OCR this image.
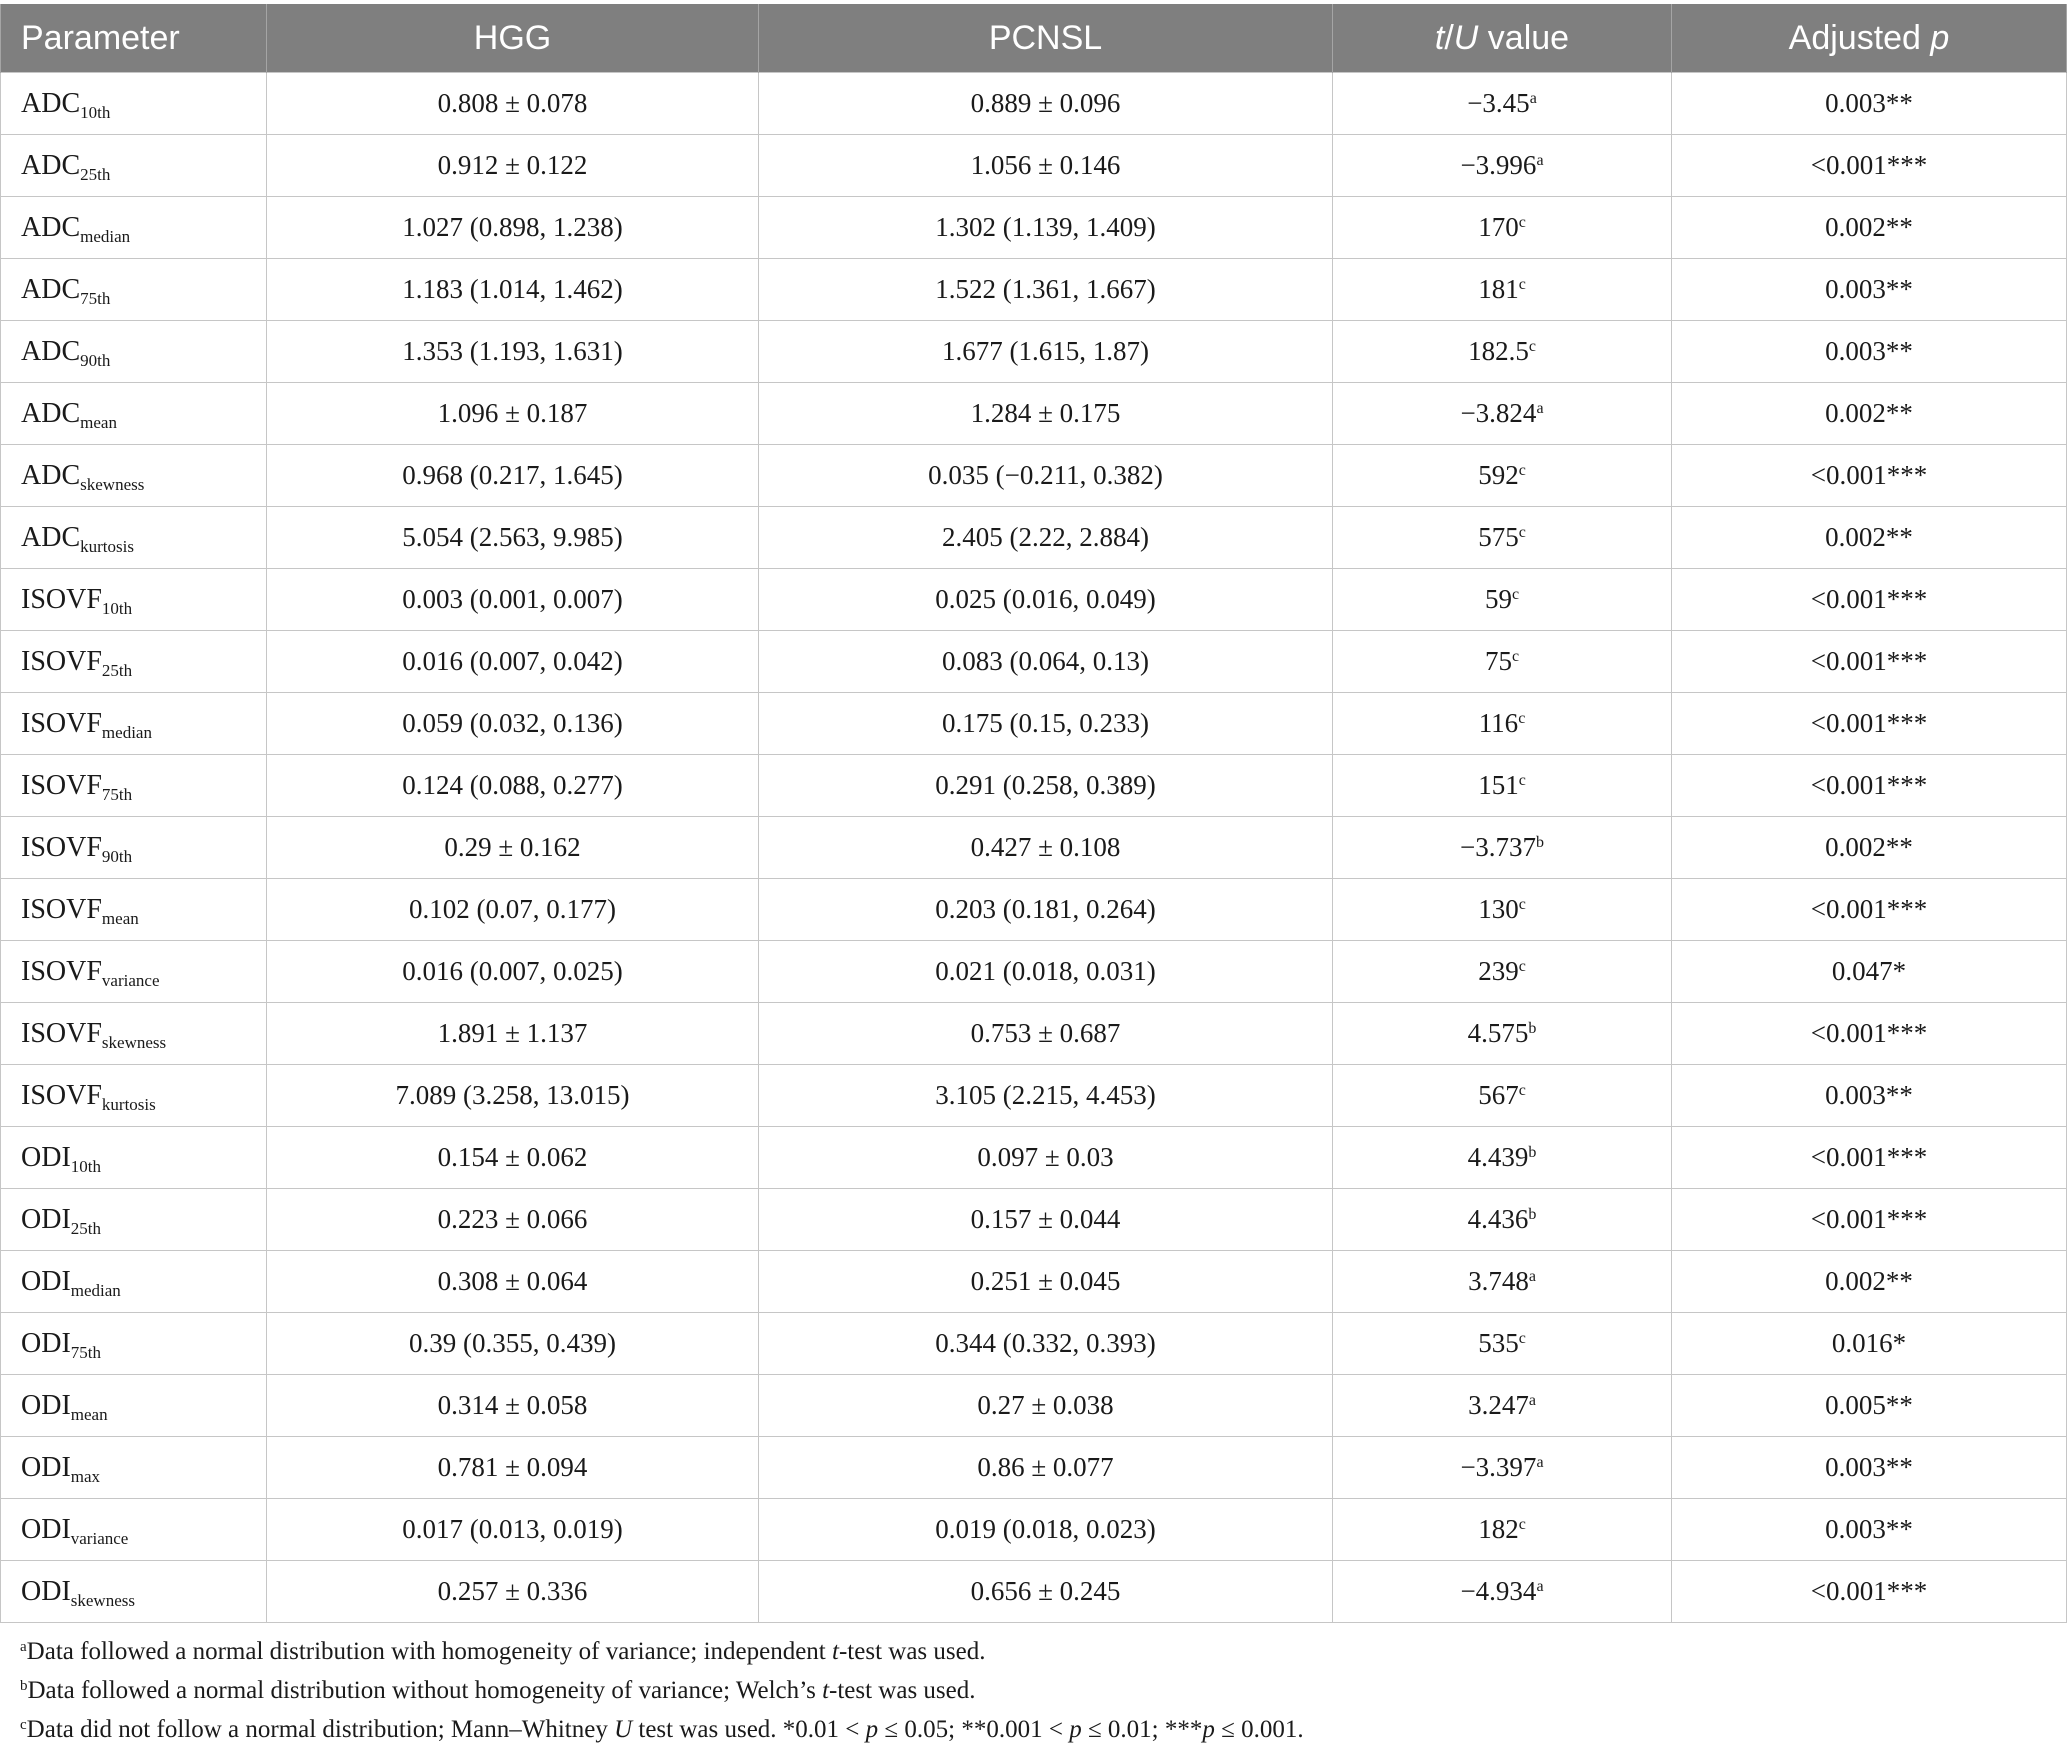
Parameter	HGG	PCNSL	t/U value	Adjusted p
$ADC_{10th}$	0.808 ± 0.078	0.889 ± 0.096	−3.45$^a$	0.003**
$ADC_{25th}$	0.912 ± 0.122	1.056 ± 0.146	−3.996$^a$	<0.001***
$ADC_{median}$	1.027 (0.898, 1.238)	1.302 (1.139, 1.409)	170$^c$	0.002**
$ADC_{75th}$	1.183 (1.014, 1.462)	1.522 (1.361, 1.667)	181$^c$	0.003**
$ADC_{90th}$	1.353 (1.193, 1.631)	1.677 (1.615, 1.87)	182.5$^c$	0.003**
$ADC_{mean}$	1.096 ± 0.187	1.284 ± 0.175	−3.824$^a$	0.002**
$ADC_{skewness}$	0.968 (0.217, 1.645)	0.035 (−0.211, 0.382)	$592^c$	<0.001***
$ADC_{kurtosis}$	5.054 (2.563, 9.985)	2.405 (2.22, 2.884)	575$^c$	0.002**
$ISOVF_{10th}$	0.003 (0.001, 0.007)	0.025 (0.016, 0.049)	$59^c$	<0.001***
$ISOVF_{25th}$	0.016 (0.007, 0.042)	0.083 (0.064, 0.13)	$75^c$	<0.001***
$ISOVF_{median}$	0.059 (0.032, 0.136)	0.175 (0.15, 0.233)	$116^c$	<0.001***
$ISOVF_{75th}$	0.124 (0.088, 0.277)	0.291 (0.258, 0.389)	$151^c$	<0.001***
$ISOVF_{90th}$	0.29 ± 0.162	0.427 ± 0.108	−3.737$^b$	0.002**
$ISOVF_{mean}$	0.102 (0.07, 0.177)	0.203 (0.181, 0.264)	$130^c$	<0.001***
$ISOVF_{variance}$	0.016 (0.007, 0.025)	0.021 (0.018, 0.031)	239$^c$	0.047*
$ISOVF_{skewness}$	1.891 ± 1.137	0.753 ± 0.687	4.575$^b$	<0.001***
$ISOVF_{kurtosis}$	7.089 (3.258, 13.015)	3.105 (2.215, 4.453)	567$^c$	0.003**
$ODI_{10th}$	0.154 ± 0.062	0.097 ± 0.03	4.439$^b$	<0.001***
$ODI_{25th}$	0.223 ± 0.066	0.157 ± 0.044	4.436$^b$	<0.001***
$ODI_{median}$	0.308 ± 0.064	0.251 ± 0.045	3.748$^a$	0.002**
$ODI_{75th}$	0.39 (0.355, 0.439)	0.344 (0.332, 0.393)	535$^c$	0.016*
$ODI_{mean}$	0.314 ± 0.058	0.27 ± 0.038	3.247$^a$	0.005**
$ODI_{max}$	0.781 ± 0.094	0.86 ± 0.077	−3.397$^a$	0.003**
$ODI_{variance}$	0.017 (0.013, 0.019)	0.019 (0.018, 0.023)	182$^c$	0.003**
$ODI_{skewness}$	0.257 ± 0.336	0.656 ± 0.245	−4.934$^a$	<0.001***
$^a$Data followed a normal distribution with homogeneity of variance; independent t-test was used.
$^b$Data followed a normal distribution without homogeneity of variance; Welch’s t-test was used.
$^c$Data did not follow a normal distribution; Mann–Whitney U test was used. *0.01 < p ≤ 0.05; **0.001 < p ≤ 0.01; ***p ≤ 0.001.
